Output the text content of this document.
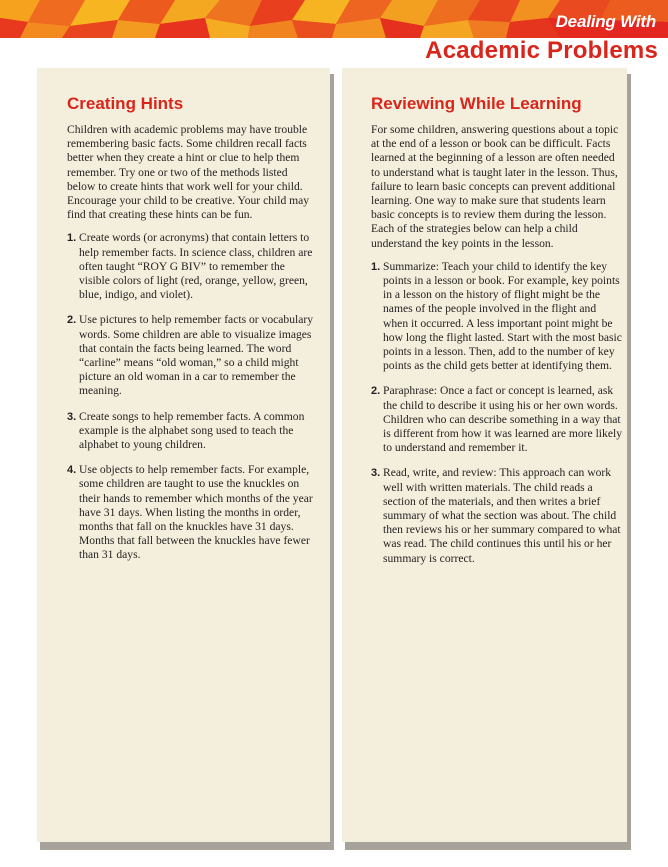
Dealing With
Academic Problems
Creating Hints

Children with academic problems may have trouble remembering basic facts. Some children recall facts better when they create a hint or clue to help them remember. Try one or two of the methods listed below to create hints that work well for your child. Encourage your child to be creative. Your child may find that creating these hints can be fun.

1. Create words (or acronyms) that contain letters to help remember facts. In science class, children are often taught “ROY G BIV” to remember the visible colors of light (red, orange, yellow, green, blue, indigo, and violet).
2. Use pictures to help remember facts or vocabulary words. Some children are able to visualize images that contain the facts being learned. The word “carline” means “old woman,” so a child might picture an old woman in a car to remember the meaning.
3. Create songs to help remember facts. A common example is the alphabet song used to teach the alphabet to young children.
4. Use objects to help remember facts. For example, some children are taught to use the knuckles on their hands to remember which months of the year have 31 days. When listing the months in order, months that fall on the knuckles have 31 days. Months that fall between the knuckles have fewer than 31 days.
Reviewing While Learning

For some children, answering questions about a topic at the end of a lesson or book can be difficult. Facts learned at the beginning of a lesson are often needed to understand what is taught later in the lesson. Thus, failure to learn basic concepts can prevent additional learning. One way to make sure that students learn basic concepts is to review them during the lesson. Each of the strategies below can help a child understand the key points in the lesson.

1. Summarize: Teach your child to identify the key points in a lesson or book. For example, key points in a lesson on the history of flight might be the names of the people involved in the flight and when it occurred. A less important point might be how long the flight lasted. Start with the most basic points in a lesson. Then, add to the number of key points as the child gets better at identifying them.
2. Paraphrase: Once a fact or concept is learned, ask the child to describe it using his or her own words. Children who can describe something in a way that is different from how it was learned are more likely to understand and remember it.
3. Read, write, and review: This approach can work well with written materials. The child reads a section of the materials, and then writes a brief summary of what the section was about. The child then reviews his or her summary compared to what was read. The child continues this until his or her summary is correct.
